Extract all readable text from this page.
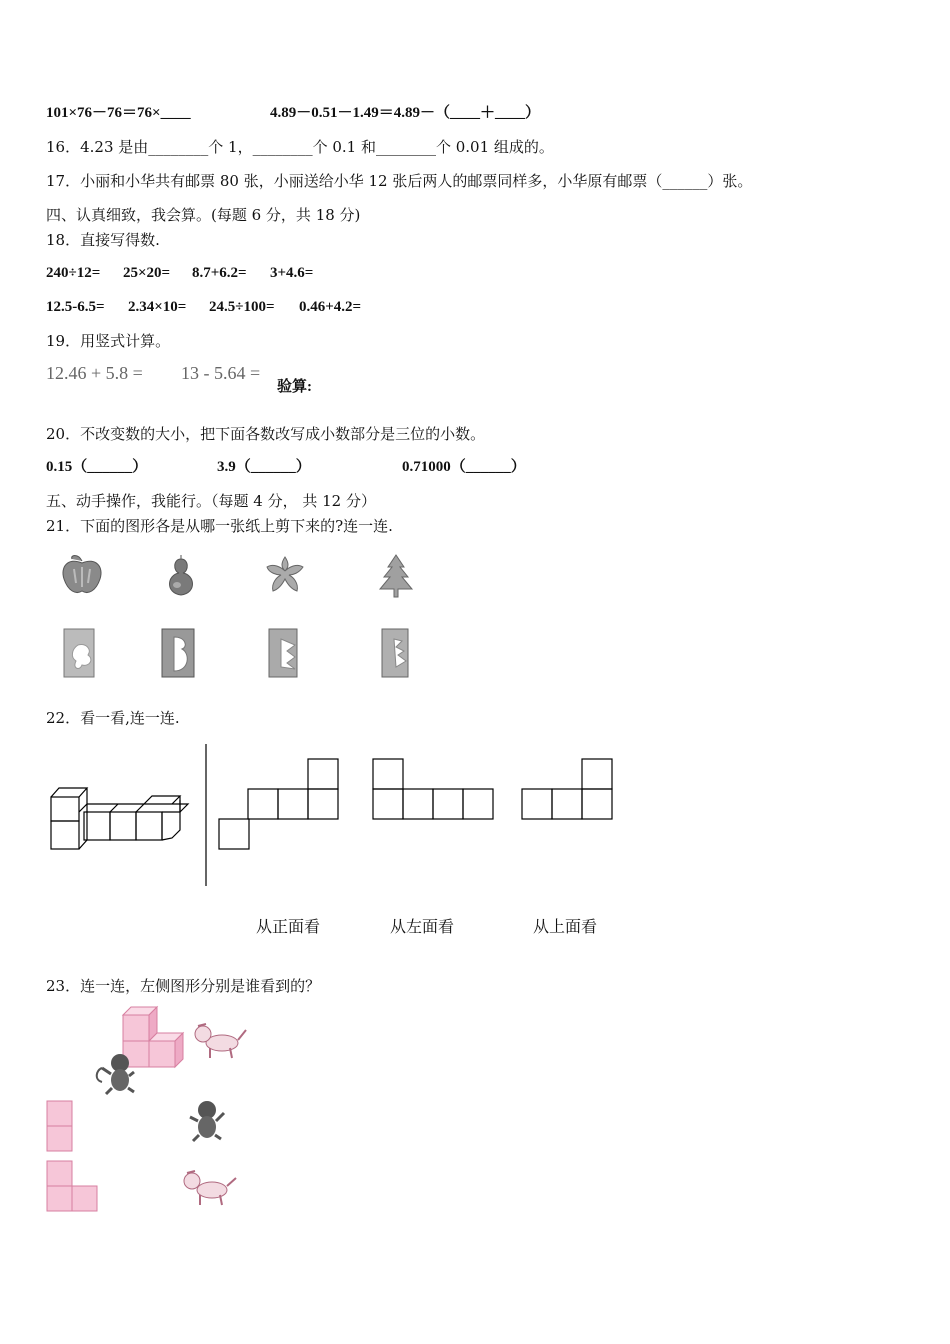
101×76－76＝76×____	4.89－0.51－1.49＝4.89－（____＋____）
16．4.23 是由________个 1，________个 0.1 和________个 0.01 组成的。
17．小丽和小华共有邮票 80 张，小丽送给小华 12 张后两人的邮票同样多，小华原有邮票（______）张。
四、认真细致，我会算。(每题 6 分，共 18 分)
18．直接写得数.
240÷12= 25×20= 8.7+6.2= 3+4.6=
12.5-6.5= 2.34×10= 24.5÷100= 0.46+4.2=
19．用竖式计算。
12.46 + 5.8 = 13 - 5.64 =
验算:
20．不改变数的大小，把下面各数改写成小数部分是三位的小数。
0.15（______）	3.9（______）	0.71000（______）
五、动手操作，我能行。（每题 4 分， 共 12 分）
21．下面的图形各是从哪一张纸上剪下来的?连一连.
22．看一看,连一连.
从正面看	从左面看	从上面看
23．连一连，左侧图形分别是谁看到的？
